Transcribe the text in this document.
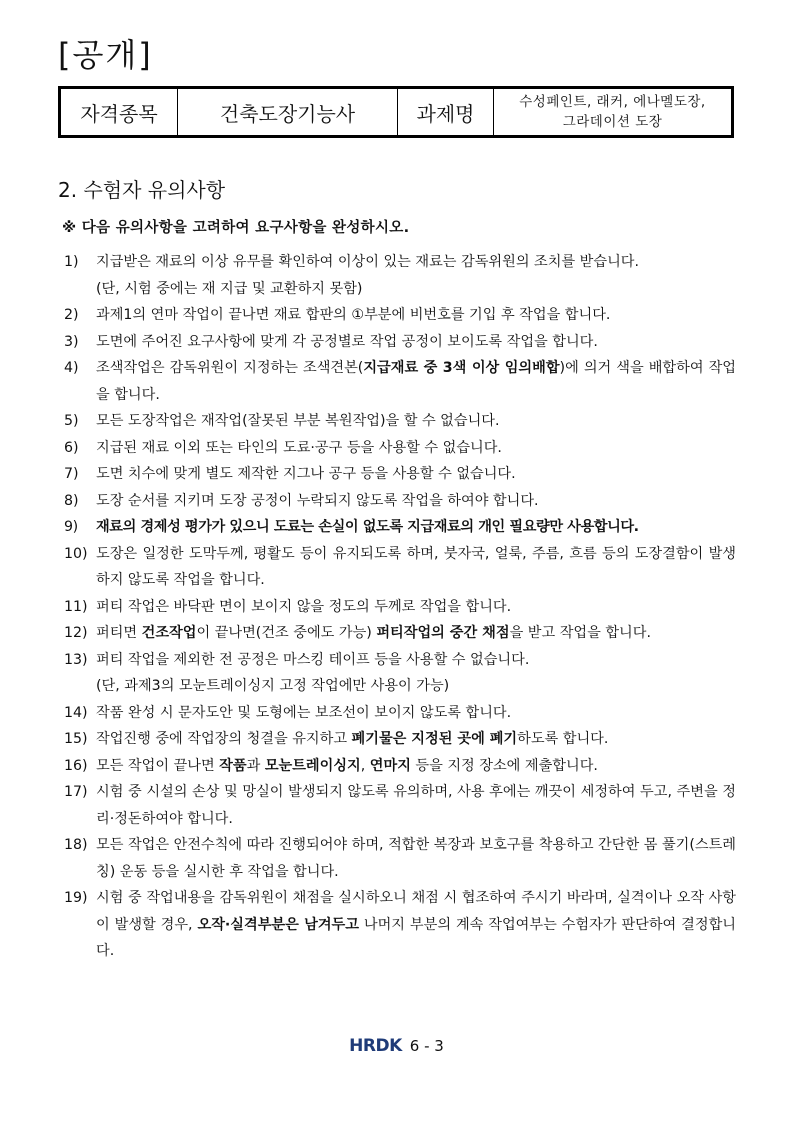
[공개]
자격종목	건축도장기능사	과제명	수성페인트, 래커, 에나멜도장,
그라데이션 도장
2. 수험자 유의사항
※ 다음 유의사항을 고려하여 요구사항을 완성하시오.
1) 지급받은 재료의 이상 유무를 확인하여 이상이 있는 재료는 감독위원의 조치를 받습니다.
(단, 시험 중에는 재 지급 및 교환하지 못함)
2) 과제1의 연마 작업이 끝나면 재료 합판의 ①부분에 비번호를 기입 후 작업을 합니다.
3) 도면에 주어진 요구사항에 맞게 각 공정별로 작업 공정이 보이도록 작업을 합니다.
4) 조색작업은 감독위원이 지정하는 조색견본(지급재료 중 3색 이상 임의배합)에 의거 색을 배합하여 작업을 합니다.
5) 모든 도장작업은 재작업(잘못된 부분 복원작업)을 할 수 없습니다.
6) 지급된 재료 이외 또는 타인의 도료·공구 등을 사용할 수 없습니다.
7) 도면 치수에 맞게 별도 제작한 지그나 공구 등을 사용할 수 없습니다.
8) 도장 순서를 지키며 도장 공정이 누락되지 않도록 작업을 하여야 합니다.
9) 재료의 경제성 평가가 있으니 도료는 손실이 없도록 지급재료의 개인 필요량만 사용합니다.
10) 도장은 일정한 도막두께, 평활도 등이 유지되도록 하며, 붓자국, 얼룩, 주름, 흐름 등의 도장결함이 발생하지 않도록 작업을 합니다.
11) 퍼티 작업은 바닥판 면이 보이지 않을 정도의 두께로 작업을 합니다.
12) 퍼티면 건조작업이 끝나면(건조 중에도 가능) 퍼티작업의 중간 채점을 받고 작업을 합니다.
13) 퍼티 작업을 제외한 전 공정은 마스킹 테이프 등을 사용할 수 없습니다.
(단, 과제3의 모눈트레이싱지 고정 작업에만 사용이 가능)
14) 작품 완성 시 문자도안 및 도형에는 보조선이 보이지 않도록 합니다.
15) 작업진행 중에 작업장의 청결을 유지하고 폐기물은 지정된 곳에 폐기하도록 합니다.
16) 모든 작업이 끝나면 작품과 모눈트레이싱지, 연마지 등을 지정 장소에 제출합니다.
17) 시험 중 시설의 손상 및 망실이 발생되지 않도록 유의하며, 사용 후에는 깨끗이 세정하여 두고, 주변을 정리·정돈하여야 합니다.
18) 모든 작업은 안전수칙에 따라 진행되어야 하며, 적합한 복장과 보호구를 착용하고 간단한 몸 풀기(스트레칭) 운동 등을 실시한 후 작업을 합니다.
19) 시험 중 작업내용을 감독위원이 채점을 실시하오니 채점 시 협조하여 주시기 바라며, 실격이나 오작 사항이 발생할 경우, 오작·실격부분은 남겨두고 나머지 부분의 계속 작업여부는 수험자가 판단하여 결정합니다.
HRDK 6 - 3
